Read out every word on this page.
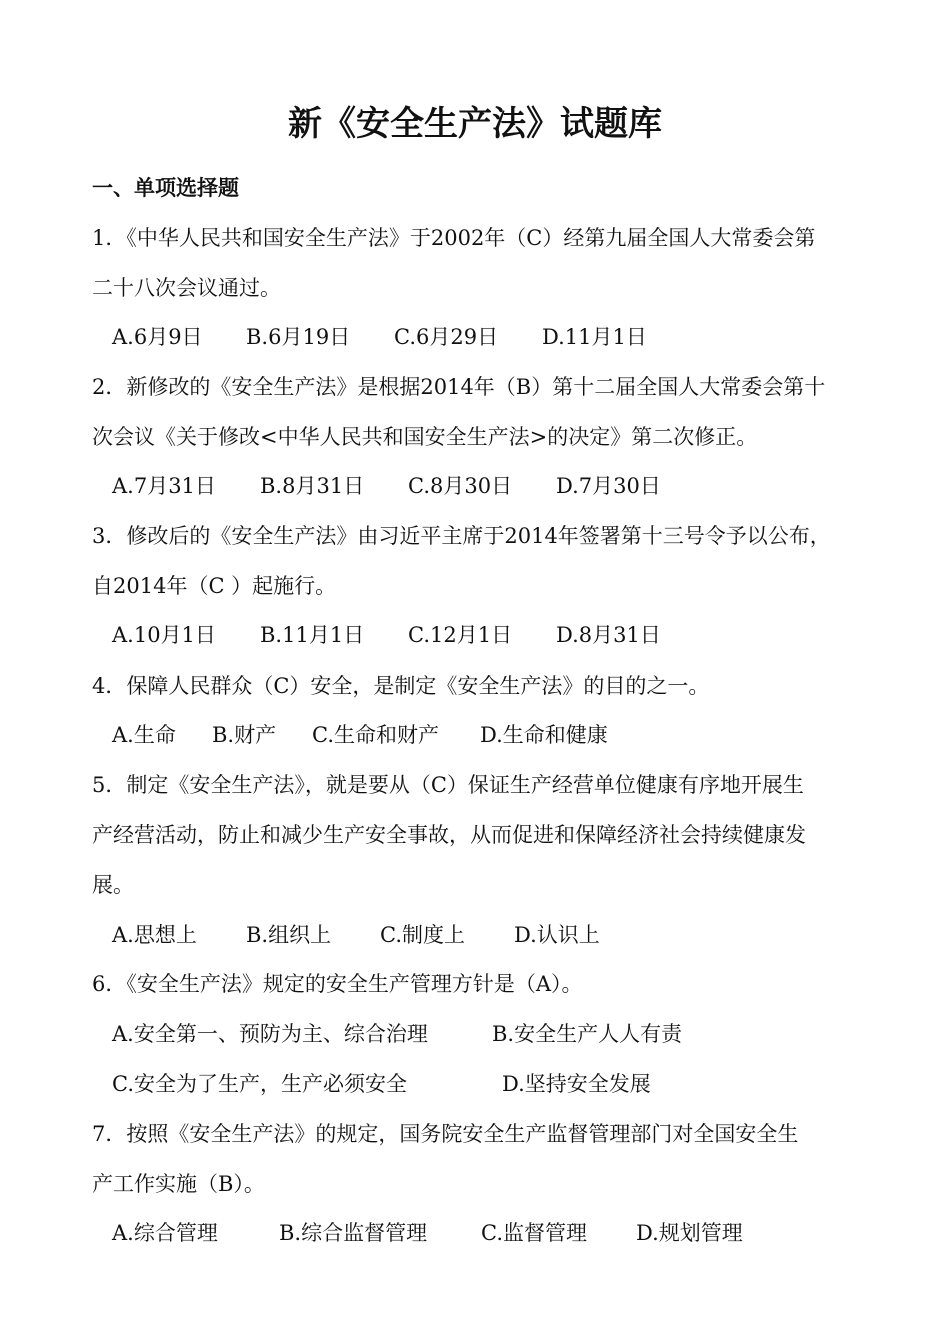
新《安全生产法》试题库
一、单项选择题
1．《中华人民共和国安全生产法》于2002年（C）经第九届全国人大常委会第
二十八次会议通过。
A.6月9日 B.6月19日 C.6月29日 D.11月1日
2．新修改的《安全生产法》是根据2014年（B）第十二届全国人大常委会第十
次会议《关于修改<中华人民共和国安全生产法>的决定》第二次修正。
A.7月31日 B.8月31日 C.8月30日 D.7月30日
3．修改后的《安全生产法》由习近平主席于2014年签署第十三号令予以公布，
自2014年（C ）起施行。
A.10月1日 B.11月1日 C.12月1日 D.8月31日
4．保障人民群众（C）安全，是制定《安全生产法》的目的之一。
A.生命 B.财产 C.生命和财产 D.生命和健康
5．制定《安全生产法》，就是要从（C）保证生产经营单位健康有序地开展生
产经营活动，防止和减少生产安全事故，从而促进和保障经济社会持续健康发
展。
A.思想上 B.组织上 C.制度上 D.认识上
6．《安全生产法》规定的安全生产管理方针是（A）。
A.安全第一、预防为主、综合治理	B.安全生产人人有责
C.安全为了生产，生产必须安全	D.坚持安全发展
7．按照《安全生产法》的规定，国务院安全生产监督管理部门对全国安全生
产工作实施（B）。
A.综合管理	B.综合监督管理	C.监督管理 D.规划管理
